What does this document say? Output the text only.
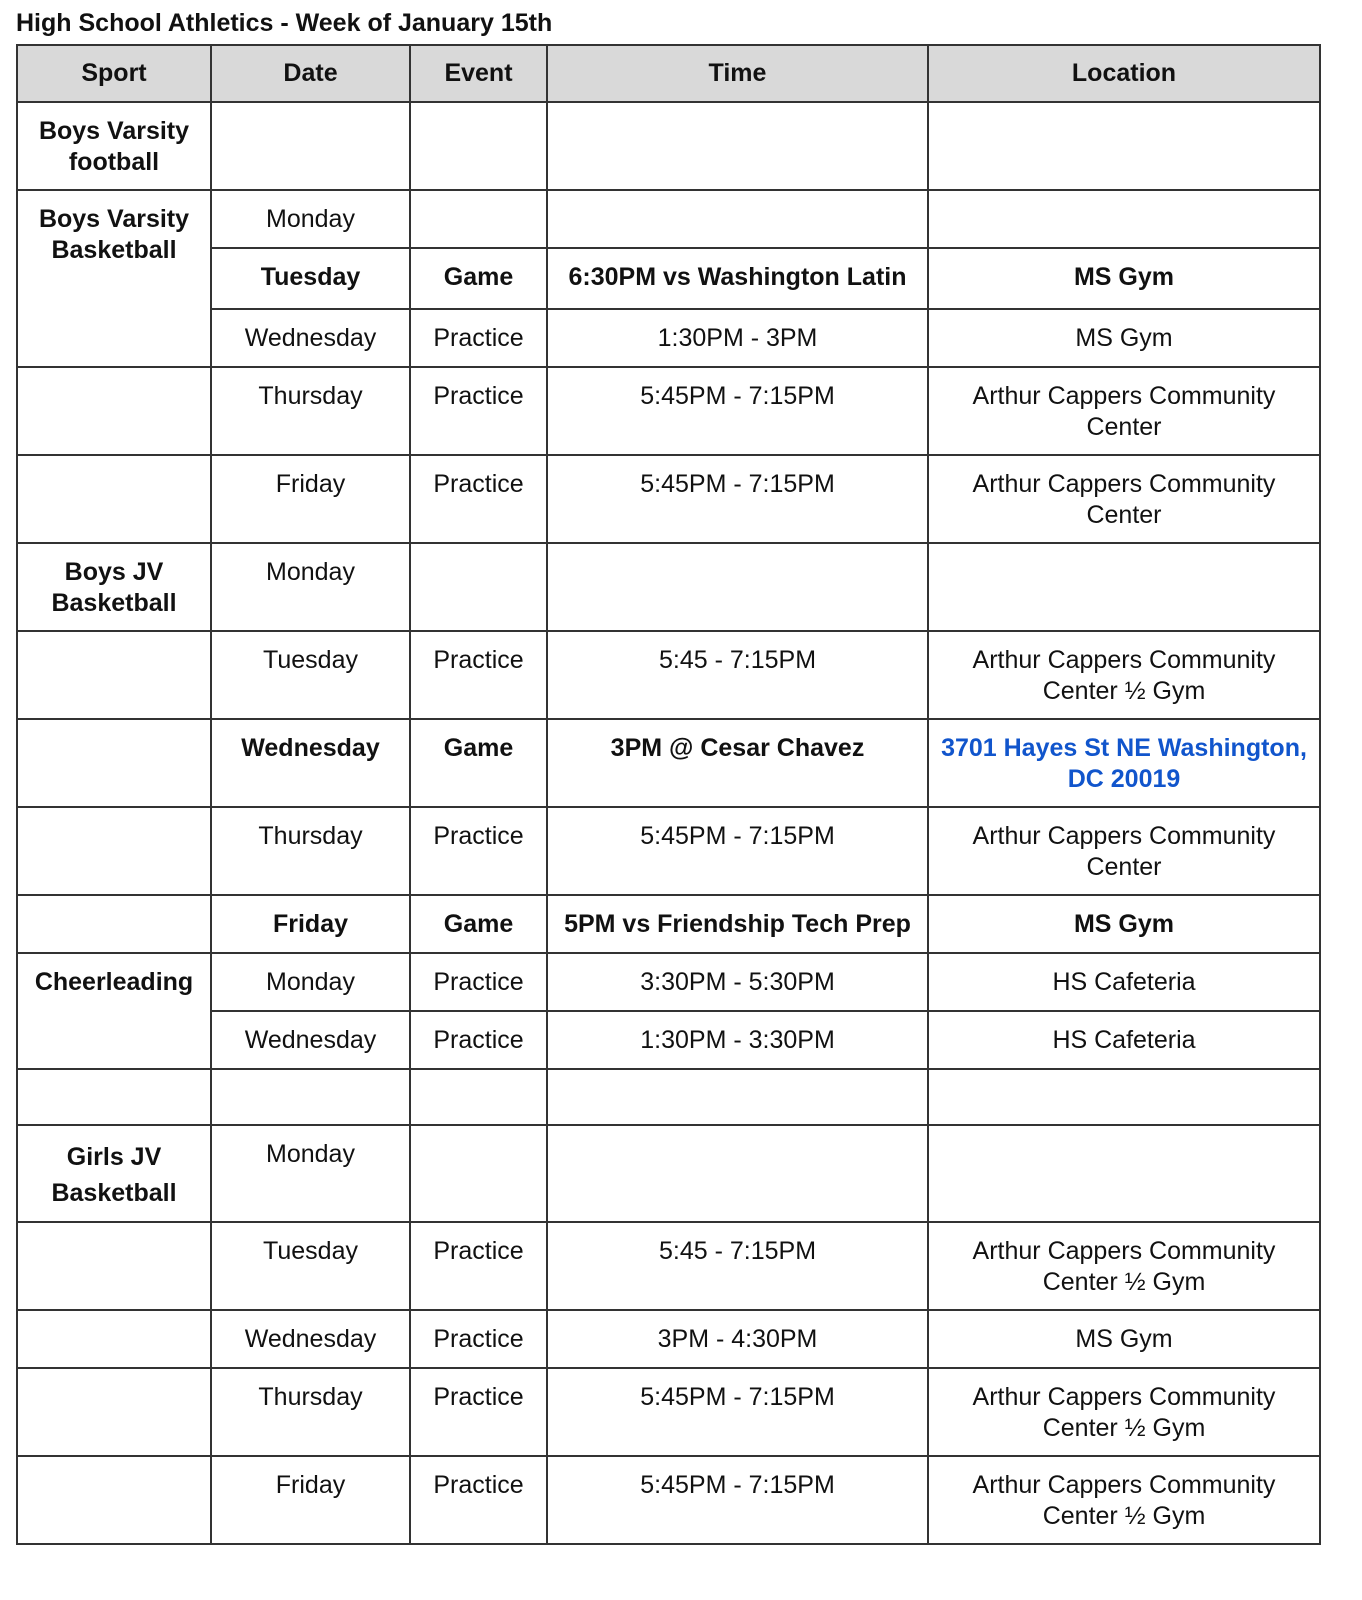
High School Athletics - Week of January 15th
Sport	Date	Event	Time	Location
Boys Varsity football				
Boys Varsity Basketball	Monday			
	Tuesday	Game	6:30PM vs Washington Latin	MS Gym
	Wednesday	Practice	1:30PM - 3PM	MS Gym
	Thursday	Practice	5:45PM - 7:15PM	Arthur Cappers Community Center
	Friday	Practice	5:45PM - 7:15PM	Arthur Cappers Community Center
Boys JV Basketball	Monday			
	Tuesday	Practice	5:45 - 7:15PM	Arthur Cappers Community Center ½ Gym
	Wednesday	Game	3PM @ Cesar Chavez	3701 Hayes St NE Washington, DC 20019
	Thursday	Practice	5:45PM - 7:15PM	Arthur Cappers Community Center
	Friday	Game	5PM vs Friendship Tech Prep	MS Gym
Cheerleading	Monday	Practice	3:30PM - 5:30PM	HS Cafeteria
	Wednesday	Practice	1:30PM - 3:30PM	HS Cafeteria

Girls JV Basketball	Monday			
	Tuesday	Practice	5:45 - 7:15PM	Arthur Cappers Community Center ½ Gym
	Wednesday	Practice	3PM - 4:30PM	MS Gym
	Thursday	Practice	5:45PM - 7:15PM	Arthur Cappers Community Center ½ Gym
	Friday	Practice	5:45PM - 7:15PM	Arthur Cappers Community Center ½ Gym
